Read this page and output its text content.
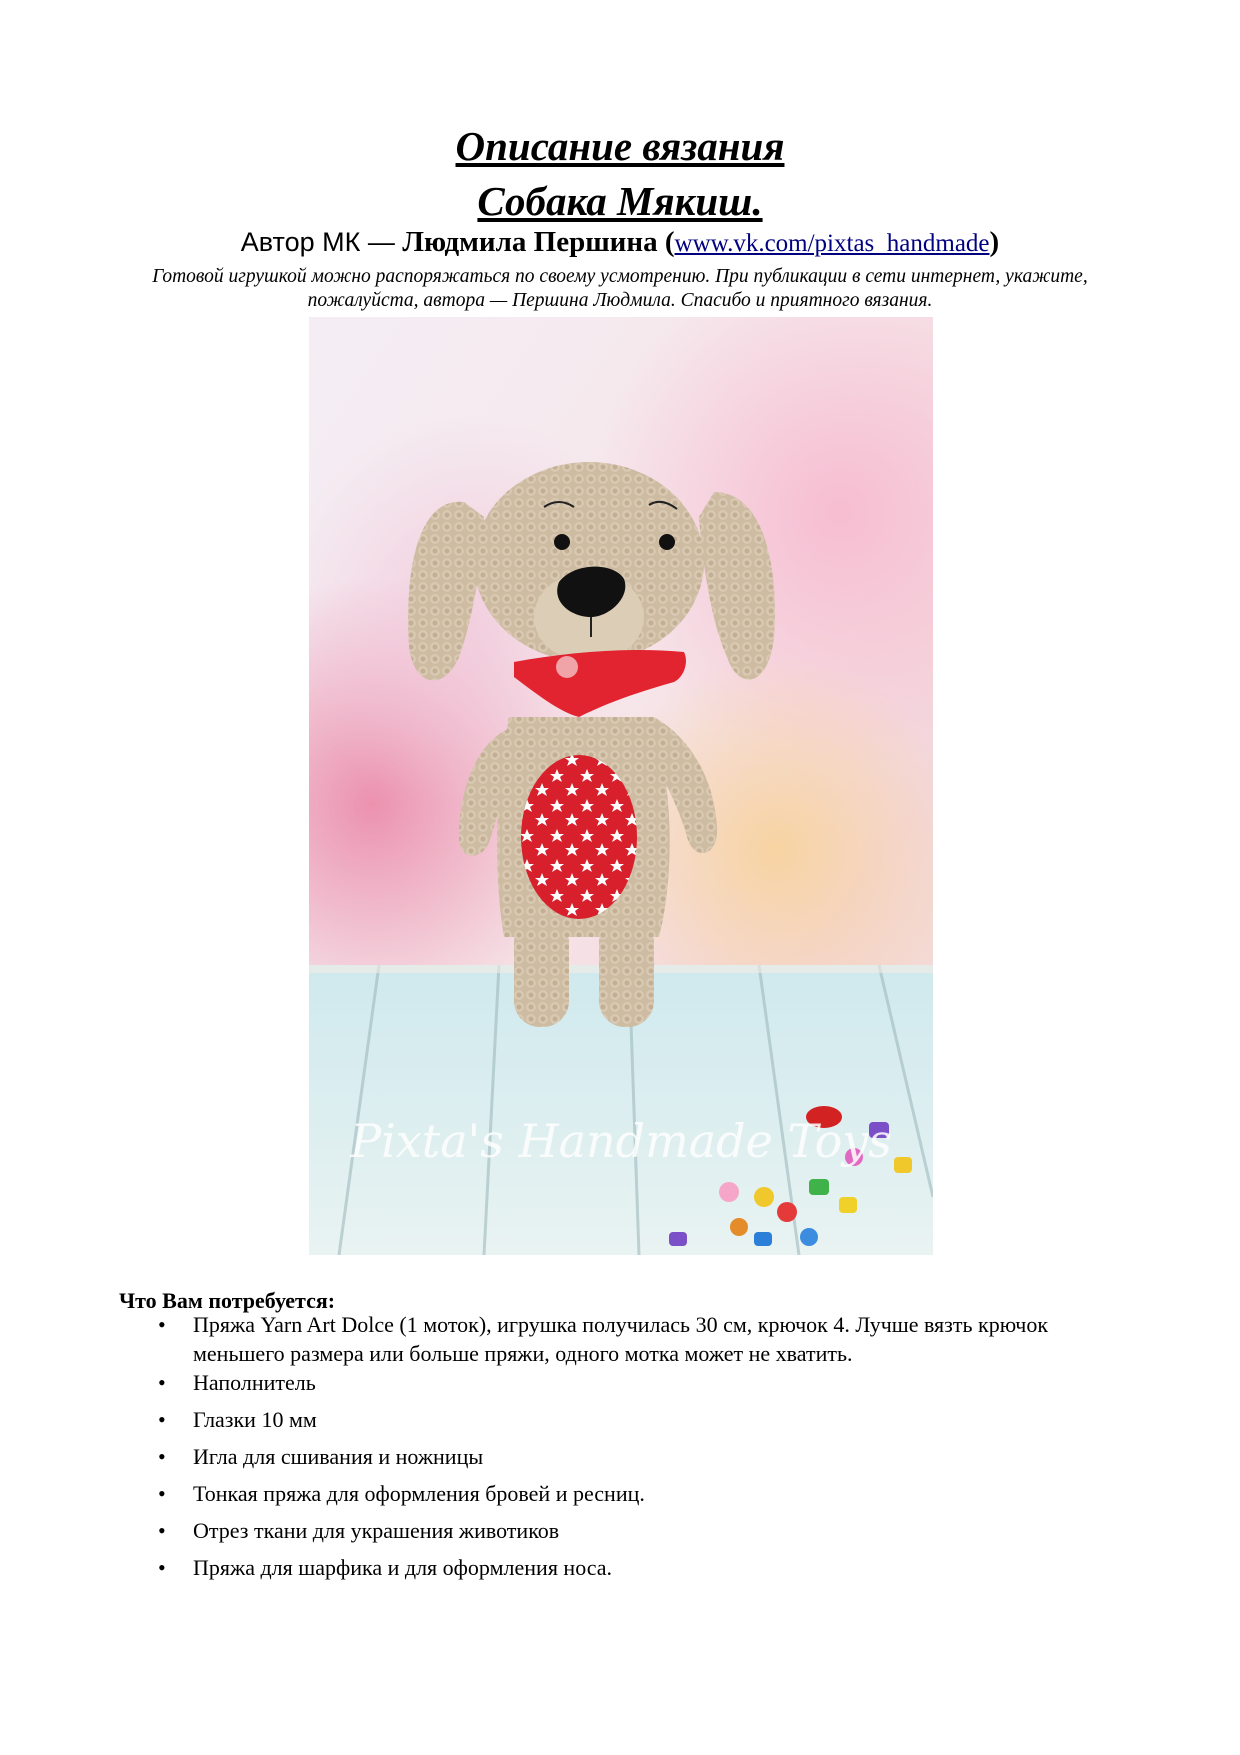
Описание вязания
Собака Мякиш.
Автор МК — Людмила Першина (www.vk.com/pixtas_handmade)
Готовой игрушкой можно распоряжаться по своему усмотрению. При публикации в сети интернет, укажите, пожалуйста, автора — Першина Людмила. Спасибо и приятного вязания.
Pixta's Handmade Toys
Что Вам потребуется:
• Пряжа Yarn Art Dolce (1 моток), игрушка получилась 30 см, крючок 4. Лучше вязть крючок меньшего размера или больше пряжи, одного мотка может не хватить.
• Наполнитель
• Глазки 10 мм
• Игла для сшивания и ножницы
• Тонкая пряжа для оформления бровей и ресниц.
• Отрез ткани для украшения животиков
• Пряжа для шарфика и для оформления носа.
